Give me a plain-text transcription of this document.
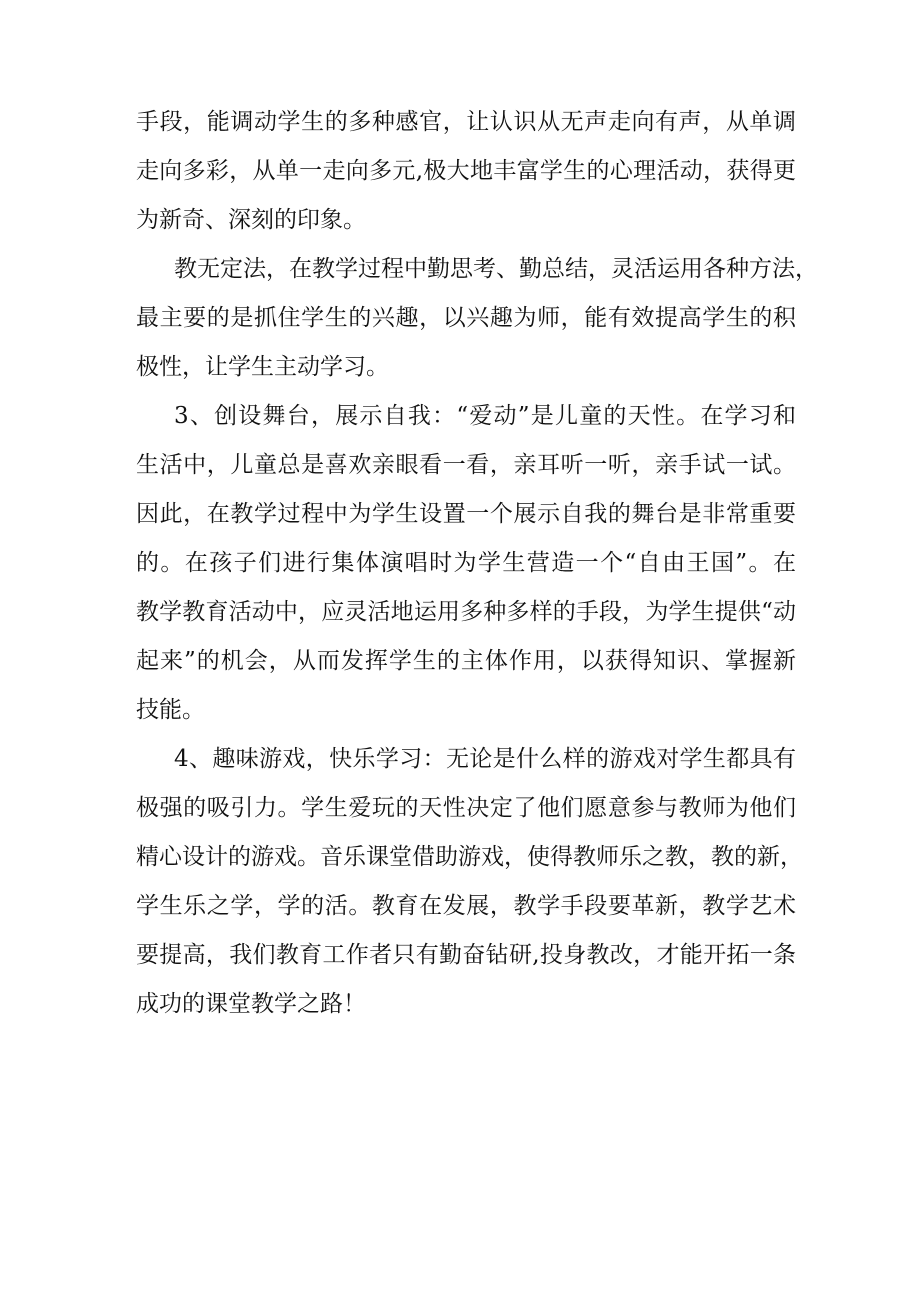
手段，能调动学生的多种感官，让认识从无声走向有声，从单调

走向多彩，从单一走向多元,极大地丰富学生的心理活动，获得更

为新奇、深刻的印象。

教无定法，在教学过程中勤思考、勤总结，灵活运用各种方法，

最主要的是抓住学生的兴趣，以兴趣为师，能有效提高学生的积

极性，让学生主动学习。

3、创设舞台，展示自我：“爱动”是儿童的天性。在学习和

生活中，儿童总是喜欢亲眼看一看，亲耳听一听，亲手试一试。

因此，在教学过程中为学生设置一个展示自我的舞台是非常重要

的。在孩子们进行集体演唱时为学生营造一个“自由王国”。在

教学教育活动中，应灵活地运用多种多样的手段，为学生提供“动

起来”的机会，从而发挥学生的主体作用，以获得知识、掌握新

技能。

4、趣味游戏，快乐学习：无论是什么样的游戏对学生都具有

极强的吸引力。学生爱玩的天性决定了他们愿意参与教师为他们

精心设计的游戏。音乐课堂借助游戏，使得教师乐之教，教的新，

学生乐之学，学的活。教育在发展，教学手段要革新，教学艺术

要提高，我们教育工作者只有勤奋钻研,投身教改，才能开拓一条

成功的课堂教学之路！
